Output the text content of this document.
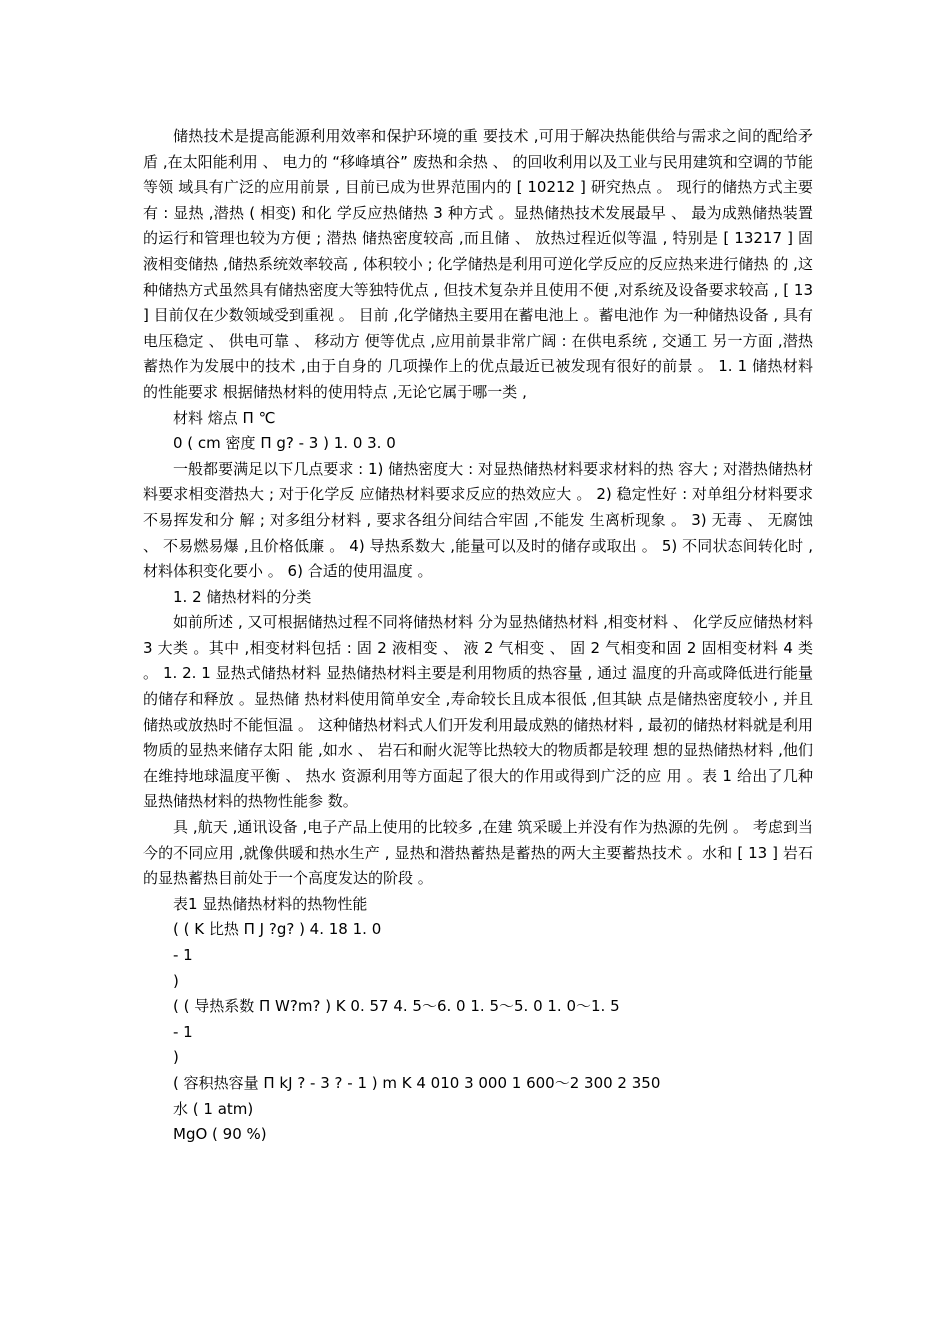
储热技术是提高能源利用效率和保护环境的重 要技术 ,可用于解决热能供给与需求之间的配给矛 盾 ,在太阳能利用 、 电力的 “移峰填谷” 废热和余热 、 的回收利用以及工业与民用建筑和空调的节能等领 域具有广泛的应用前景 , 目前已成为世界范围内的 [ 10212 ] 研究热点 。 现行的储热方式主要有 : 显热 ,潜热 ( 相变) 和化 学反应热储热 3 种方式 。显热储热技术发展最早 、 最为成熟储热装置的运行和管理也较为方便 ; 潜热 储热密度较高 ,而且储 、 放热过程近似等温 , 特别是 [ 13217 ] 固液相变储热 ,储热系统效率较高 , 体积较小 ; 化学储热是利用可逆化学反应的反应热来进行储热 的 ,这种储热方式虽然具有储热密度大等独特优点 , 但技术复杂并且使用不便 ,对系统及设备要求较高 , [ 13 ] 目前仅在少数领域受到重视 。 目前 ,化学储热主要用在蓄电池上 。蓄电池作 为一种储热设备 , 具有电压稳定 、 供电可靠 、 移动方 便等优点 ,应用前景非常广阔 : 在供电系统 , 交通工 另一方面 ,潜热蓄热作为发展中的技术 ,由于自身的 几项操作上的优点最近已被发现有很好的前景 。 1. 1 储热材料的性能要求 根据储热材料的使用特点 ,无论它属于哪一类 ,

材料 熔点 Π ℃

0 ( cm 密度 Π g? - 3 ) 1. 0 3. 0

一般都要满足以下几点要求 : 1) 储热密度大 : 对显热储热材料要求材料的热 容大 ; 对潜热储热材料要求相变潜热大 ; 对于化学反 应储热材料要求反应的热效应大 。 2) 稳定性好 : 对单组分材料要求不易挥发和分 解 ; 对多组分材料 , 要求各组分间结合牢固 ,不能发 生离析现象 。 3) 无毒 、 无腐蚀 、 不易燃易爆 ,且价格低廉 。 4) 导热系数大 ,能量可以及时的储存或取出 。 5) 不同状态间转化时 ,材料体积变化要小 。 6) 合适的使用温度 。

1. 2 储热材料的分类

如前所述 , 又可根据储热过程不同将储热材料 分为显热储热材料 ,相变材料 、 化学反应储热材料 3 大类 。其中 ,相变材料包括 : 固 2 液相变 、 液 2 气相变 、 固 2 气相变和固 2 固相变材料 4 类 。 1. 2. 1 显热式储热材料 显热储热材料主要是利用物质的热容量 , 通过 温度的升高或降低进行能量的储存和释放 。显热储 热材料使用简单安全 ,寿命较长且成本很低 ,但其缺 点是储热密度较小 , 并且储热或放热时不能恒温 。 这种储热材料式人们开发利用最成熟的储热材料 , 最初的储热材料就是利用物质的显热来储存太阳 能 ,如水 、 岩石和耐火泥等比热较大的物质都是较理 想的显热储热材料 ,他们在维持地球温度平衡 、 热水 资源利用等方面起了很大的作用或得到广泛的应 用 。表 1 给出了几种显热储热材料的热物性能参 数。

具 ,航天 ,通讯设备 ,电子产品上使用的比较多 ,在建 筑采暖上并没有作为热源的先例 。 考虑到当今的不同应用 ,就像供暖和热水生产 , 显热和潜热蓄热是蓄热的两大主要蓄热技术 。水和 [ 13 ] 岩石的显热蓄热目前处于一个高度发达的阶段 。

表1 显热储热材料的热物性能

( ( K 比热 Π J ?g? ) 4. 18 1. 0

- 1

)

( ( 导热系数 Π W?m? ) K 0. 57 4. 5～6. 0 1. 5～5. 0 1. 0～1. 5

- 1

)

( 容积热容量 Π kJ ? - 3 ? - 1 ) m K 4 010 3 000 1 600～2 300 2 350

水 ( 1 atm)

MgO ( 90 %)
